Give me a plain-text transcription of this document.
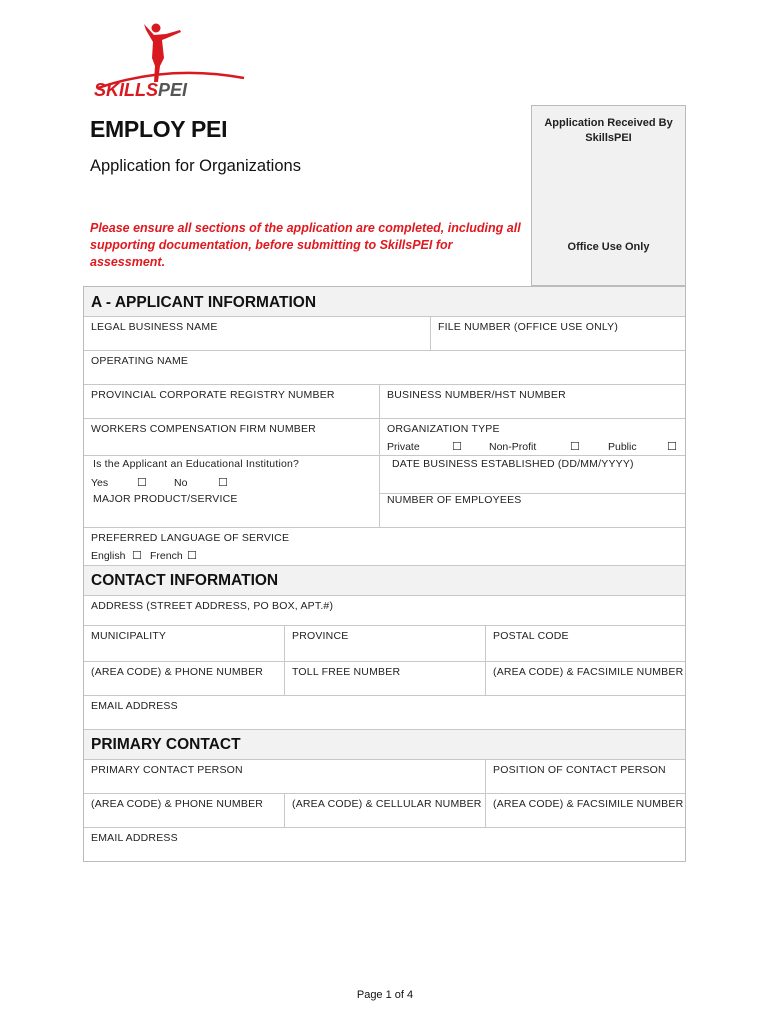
SKILLSPEI
EMPLOY PEI
Application for Organizations
Please ensure all sections of the application are completed, including all supporting documentation, before submitting to SkillsPEI for assessment.
Application Received By SkillsPEI
Office Use Only
A - APPLICANT INFORMATION
LEGAL BUSINESS NAME	FILE NUMBER (OFFICE USE ONLY)
OPERATING NAME
PROVINCIAL CORPORATE REGISTRY NUMBER	BUSINESS NUMBER/HST NUMBER
WORKERS COMPENSATION FIRM NUMBER	ORGANIZATION TYPE
Private	☐	Non-Profit	☐	Public	☐
Is the Applicant an Educational Institution?
Yes	☐	No	☐
DATE BUSINESS ESTABLISHED (DD/MM/YYYY)
MAJOR PRODUCT/SERVICE	NUMBER OF EMPLOYEES
PREFERRED LANGUAGE OF SERVICE
English ☐ French ☐
CONTACT INFORMATION
ADDRESS (STREET ADDRESS, PO BOX, APT.#)
MUNICIPALITY	PROVINCE	POSTAL CODE
(AREA CODE) & PHONE NUMBER	TOLL FREE NUMBER	(AREA CODE) & FACSIMILE NUMBER
EMAIL ADDRESS
PRIMARY CONTACT
PRIMARY CONTACT PERSON	POSITION OF CONTACT PERSON
(AREA CODE) & PHONE NUMBER	(AREA CODE) & CELLULAR NUMBER	(AREA CODE) & FACSIMILE NUMBER
EMAIL ADDRESS
Page 1 of 4
